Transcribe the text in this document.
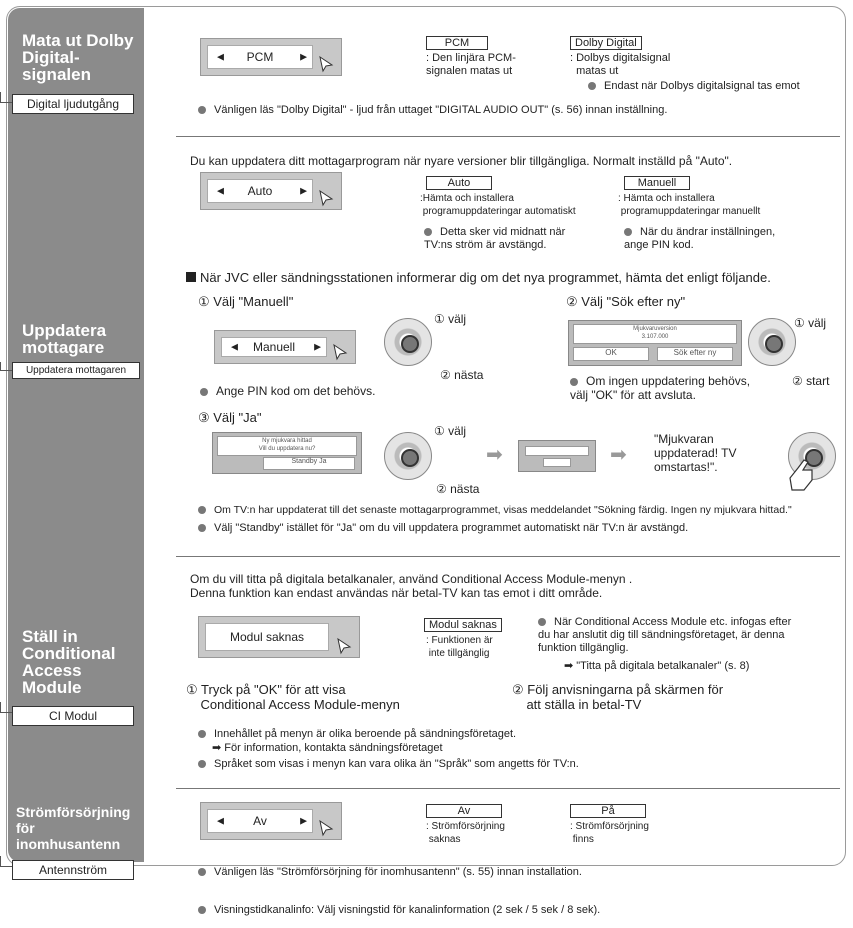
Mata ut Dolby Digital-signalen
Digital ljudutgång
Uppdatera mottagare
Uppdatera mottagaren
Ställ in Conditional Access Module
CI Modul
Strömförsörjning för inomhusantenn
Antennström
PCM
◀	▶
PCM
: Den linjära PCM-
signalen matas ut
Dolby Digital
: Dolbys digitalsignal
matas ut
Endast när Dolbys digitalsignal tas emot
Vänligen läs "Dolby Digital" - ljud från uttaget "DIGITAL AUDIO OUT" (s. 56) innan inställning.
Du kan uppdatera ditt mottagarprogram när nyare versioner blir tillgängliga. Normalt inställd på "Auto".
Auto
◀	▶
Auto
:Hämta och installera
programuppdateringar automatiskt
Detta sker vid midnatt när
TV:ns ström är avstängd.
Manuell
: Hämta och installera
programuppdateringar manuellt
När du ändrar inställningen,
ange PIN kod.
När JVC eller sändningsstationen informerar dig om det nya programmet, hämta det enligt följande.
① Välj "Manuell"
Manuell
◀	▶
① välj
② nästa
Ange PIN kod om det behövs.
② Välj "Sök efter ny"
Mjukvaruversion
3.107.000
OK	Sök efter ny
① välj
② start
Om ingen uppdatering behövs,
välj "OK" för att avsluta.
③ Välj "Ja"
Ny mjukvara hittad
Vill du uppdatera nu?
Standby Ja
① välj
② nästa
➡	➡
"Mjukvaran
uppdaterad! TV
omstartas!".
Om TV:n har uppdaterat till det senaste mottagarprogrammet, visas meddelandet "Sökning färdig. Ingen ny mjukvara hittad."
Välj "Standby" istället för "Ja" om du vill uppdatera programmet automatiskt när TV:n är avstängd.
Om du vill titta på digitala betalkanaler, använd Conditional Access Module-menyn .
Denna funktion kan endast användas när betal-TV kan tas emot i ditt område.
Modul saknas
Modul saknas
: Funktionen är
inte tillgänglig
När Conditional Access Module etc. infogas efter
du har anslutit dig till sändningsföretaget, är denna
funktion tillgänglig.
➡ "Titta på digitala betalkanaler" (s. 8)
① Tryck på "OK" för att visa
Conditional Access Module-menyn
② Följ anvisningarna på skärmen för
att ställa in betal-TV
Innehållet på menyn är olika beroende på sändningsföretaget.
➡ För information, kontakta sändningsföretaget
Språket som visas i menyn kan vara olika än "Språk" som angetts för TV:n.
Av
◀	▶
Av
: Strömförsörjning
saknas
På
: Strömförsörjning
finns
Vänligen läs "Strömförsörjning för inomhusantenn" (s. 55) innan installation.
Visningstidkanalinfo: Välj visningstid för kanalinformation (2 sek / 5 sek / 8 sek).
